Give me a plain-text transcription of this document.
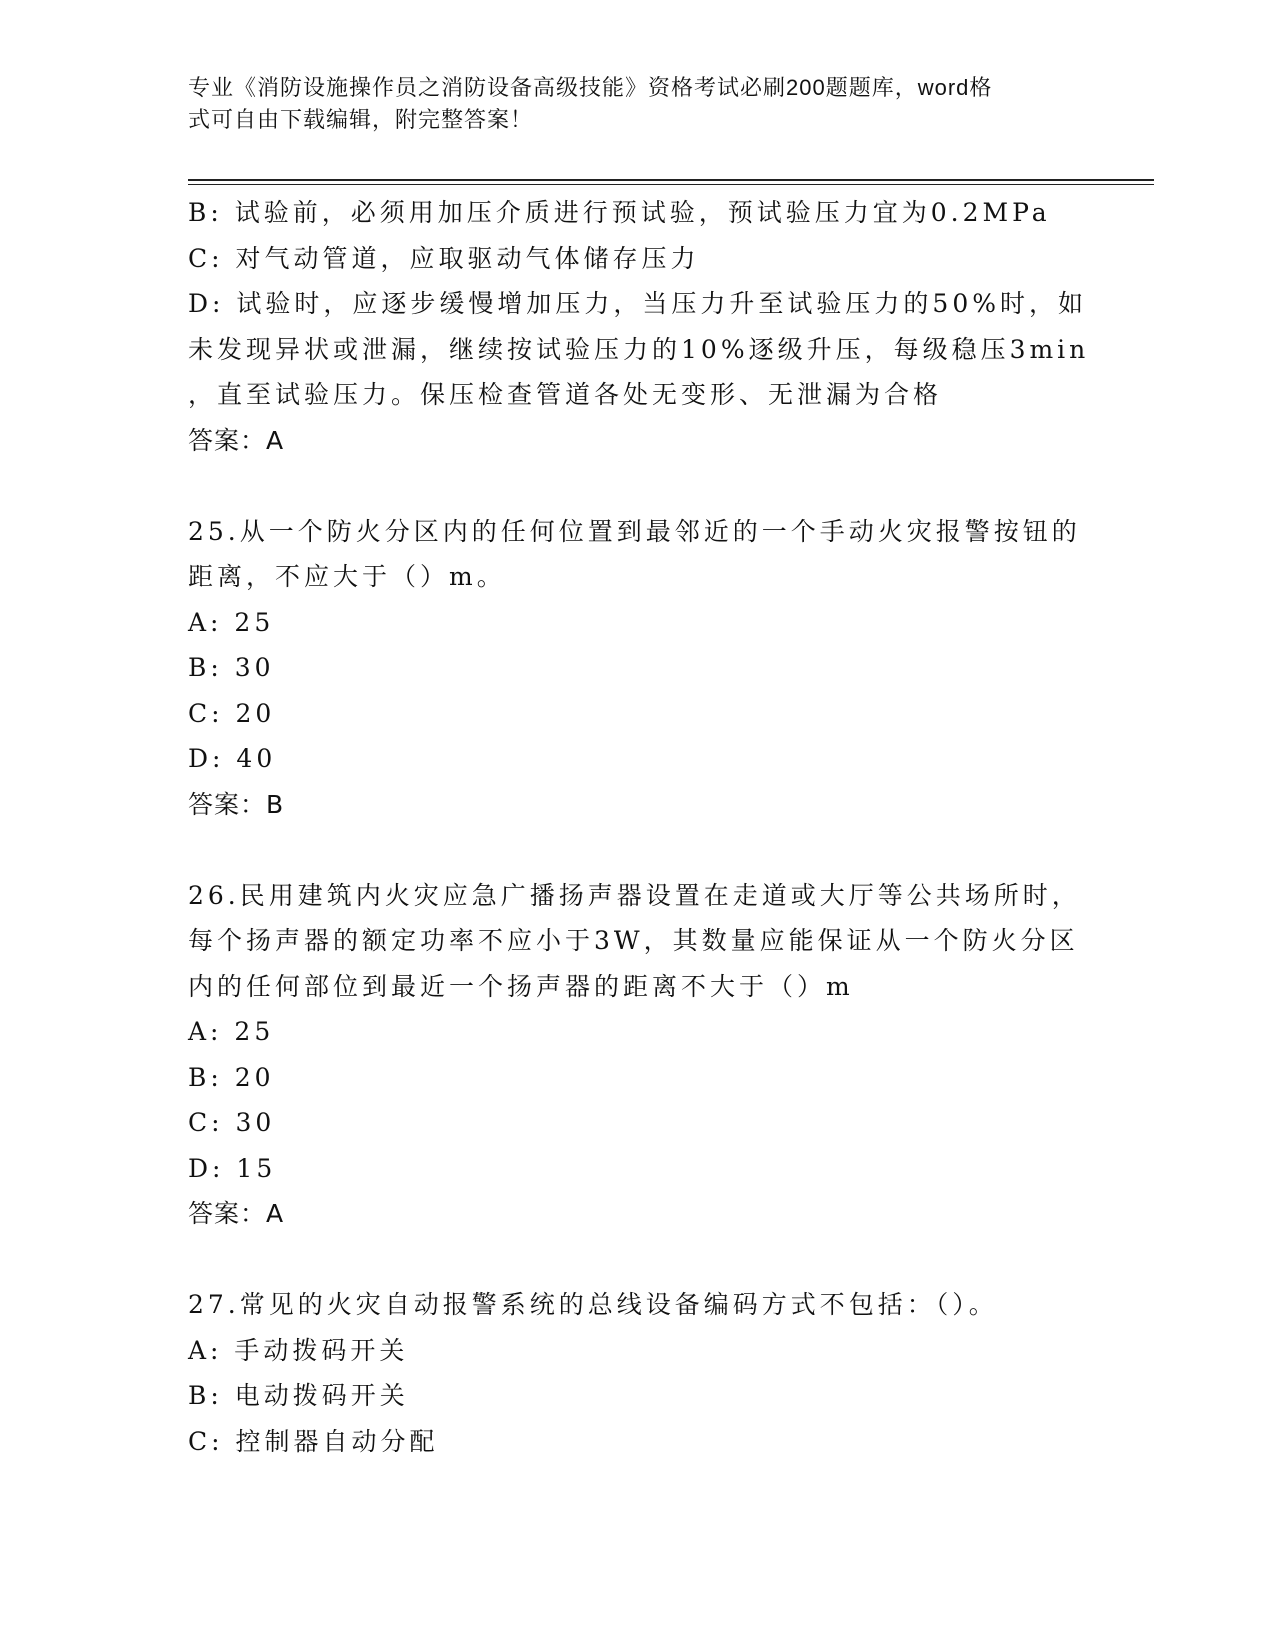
专业《消防设施操作员之消防设备高级技能》资格考试必刷200题题库，word格
式可自由下载编辑，附完整答案！
B: 试验前，必须用加压介质进行预试验，预试验压力宜为0.2MPa
C: 对气动管道，应取驱动气体储存压力
D: 试验时，应逐步缓慢增加压力，当压力升至试验压力的50%时，如
未发现异状或泄漏，继续按试验压力的10%逐级升压，每级稳压3min
，直至试验压力。保压检查管道各处无变形、无泄漏为合格
答案：A
25.从一个防火分区内的任何位置到最邻近的一个手动火灾报警按钮的
距离，不应大于（）m。
A: 25
B: 30
C: 20
D: 40
答案：B
26.民用建筑内火灾应急广播扬声器设置在走道或大厅等公共场所时，
每个扬声器的额定功率不应小于3W，其数量应能保证从一个防火分区
内的任何部位到最近一个扬声器的距离不大于（）m
A: 25
B: 20
C: 30
D: 15
答案：A
27.常见的火灾自动报警系统的总线设备编码方式不包括：（）。
A: 手动拨码开关
B: 电动拨码开关
C: 控制器自动分配
